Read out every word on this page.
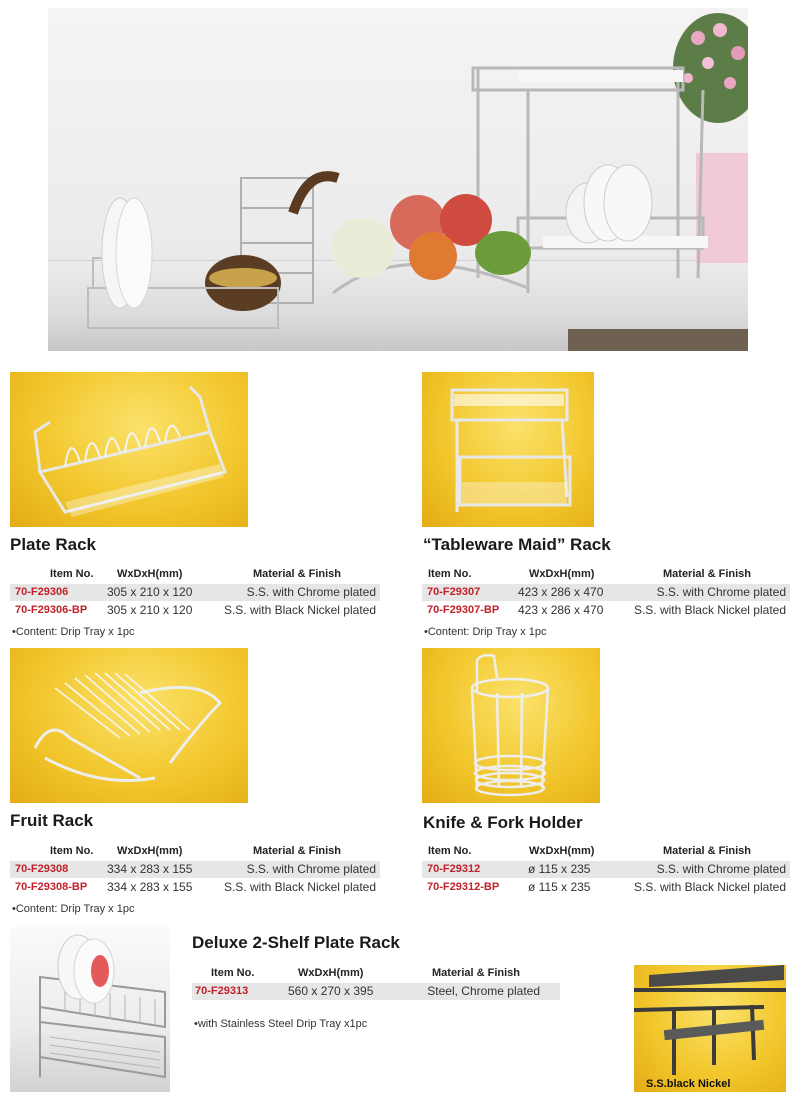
Plate Rack
Item No. WxDxH(mm)	Material & Finish
70-F29306	305 x 210 x 120	S.S. with Chrome plated
70-F29306-BP 305 x 210 x 120	S.S. with Black Nickel plated
•Content: Drip Tray x 1pc
“Tableware Maid” Rack
Item No.	WxDxH(mm)	Material & Finish
70-F29307	423 x 286 x 470	S.S. with Chrome plated
70-F29307-BP 423 x 286 x 470	S.S. with Black Nickel plated
•Content: Drip Tray x 1pc
Fruit Rack
Item No. WxDxH(mm)	Material & Finish
70-F29308	334 x 283 x 155	S.S. with Chrome plated
70-F29308-BP 334 x 283 x 155	S.S. with Black Nickel plated
•Content: Drip Tray x 1pc
Knife & Fork Holder
Item No.	WxDxH(mm)	Material & Finish
70-F29312	ø 115 x 235	S.S. with Chrome plated
70-F29312-BP ø 115 x 235	S.S. with Black Nickel plated
Deluxe 2-Shelf Plate Rack
Item No.	WxDxH(mm)	Material & Finish
70-F29313	560 x 270 x 395	Steel, Chrome plated
•with Stainless Steel Drip Tray x1pc
S.S.black Nickel
